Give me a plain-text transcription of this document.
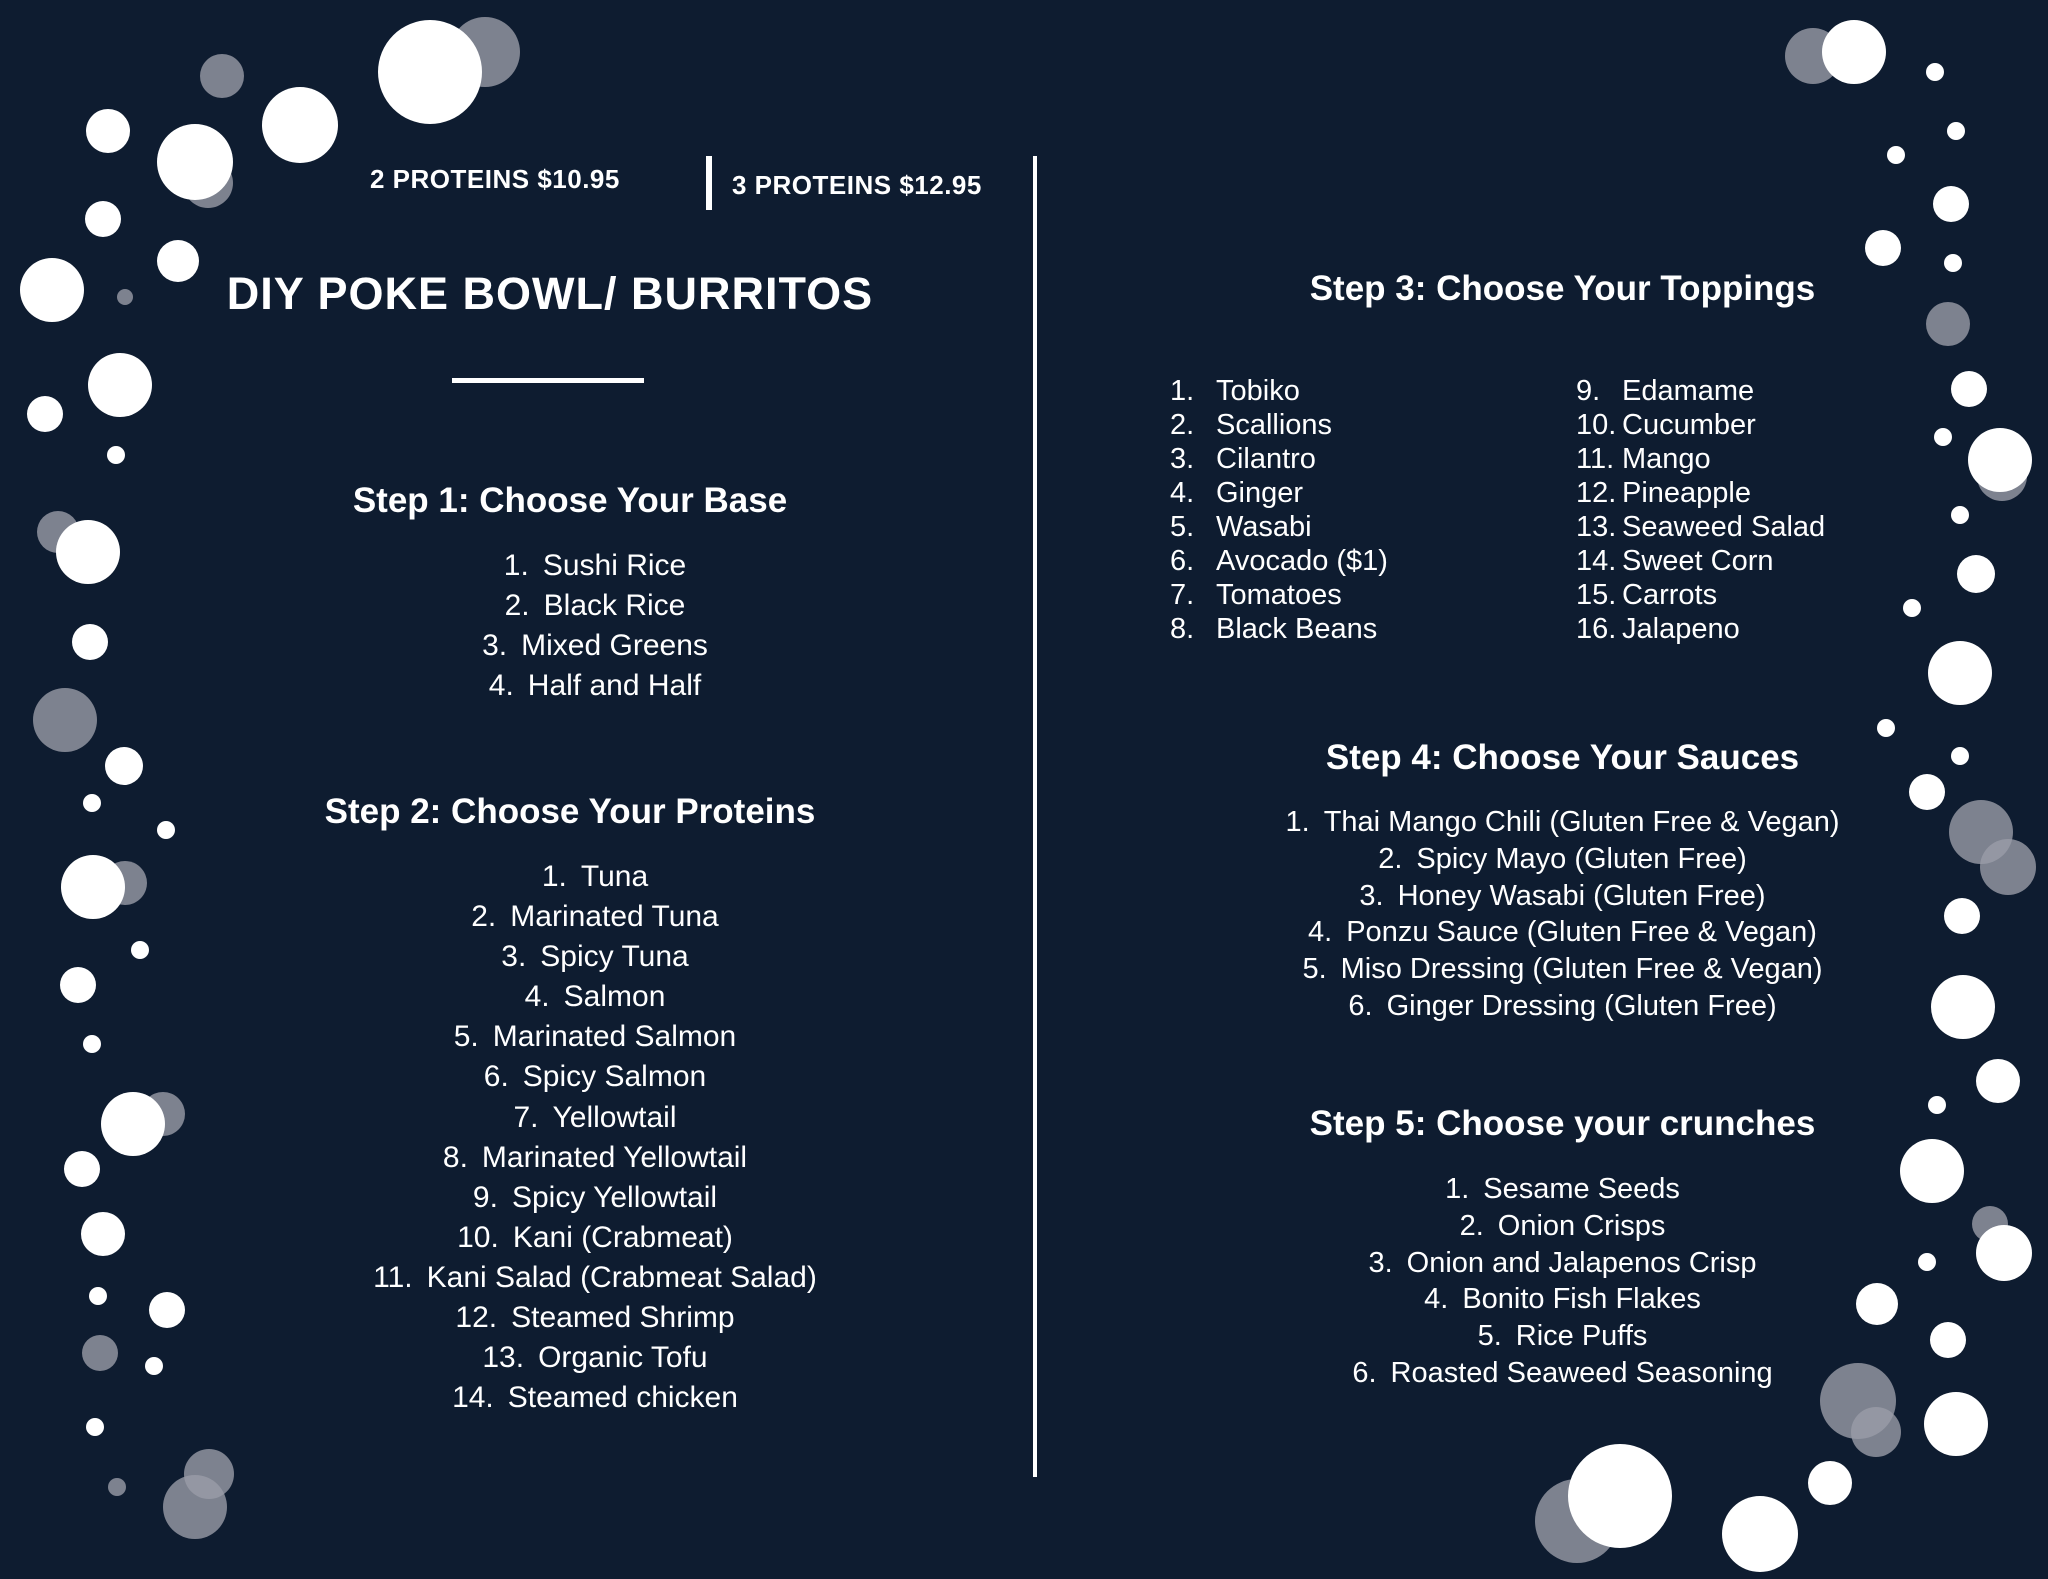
2 PROTEINS $10.95	3 PROTEINS $12.95
DIY POKE BOWL/ BURRITOS
Step 1: Choose Your Base
1. Sushi Rice
2. Black Rice
3. Mixed Greens
4. Half and Half
Step 2: Choose Your Proteins
1. Tuna
2. Marinated Tuna
3. Spicy Tuna
4. Salmon
5. Marinated Salmon
6. Spicy Salmon
7. Yellowtail
8. Marinated Yellowtail
9. Spicy Yellowtail
10. Kani (Crabmeat)
11. Kani Salad (Crabmeat Salad)
12. Steamed Shrimp
13. Organic Tofu
14. Steamed chicken
Step 3: Choose Your Toppings
1. Tobiko
2. Scallions
3. Cilantro
4. Ginger
5. Wasabi
6. Avocado ($1)
7. Tomatoes
8. Black Beans
9. Edamame
10. Cucumber
11. Mango
12. Pineapple
13. Seaweed Salad
14. Sweet Corn
15. Carrots
16. Jalapeno
Step 4: Choose Your Sauces
1. Thai Mango Chili (Gluten Free & Vegan)
2. Spicy Mayo (Gluten Free)
3. Honey Wasabi (Gluten Free)
4. Ponzu Sauce (Gluten Free & Vegan)
5. Miso Dressing (Gluten Free & Vegan)
6. Ginger Dressing (Gluten Free)
Step 5: Choose your crunches
1. Sesame Seeds
2. Onion Crisps
3. Onion and Jalapenos Crisp
4. Bonito Fish Flakes
5. Rice Puffs
6. Roasted Seaweed Seasoning
